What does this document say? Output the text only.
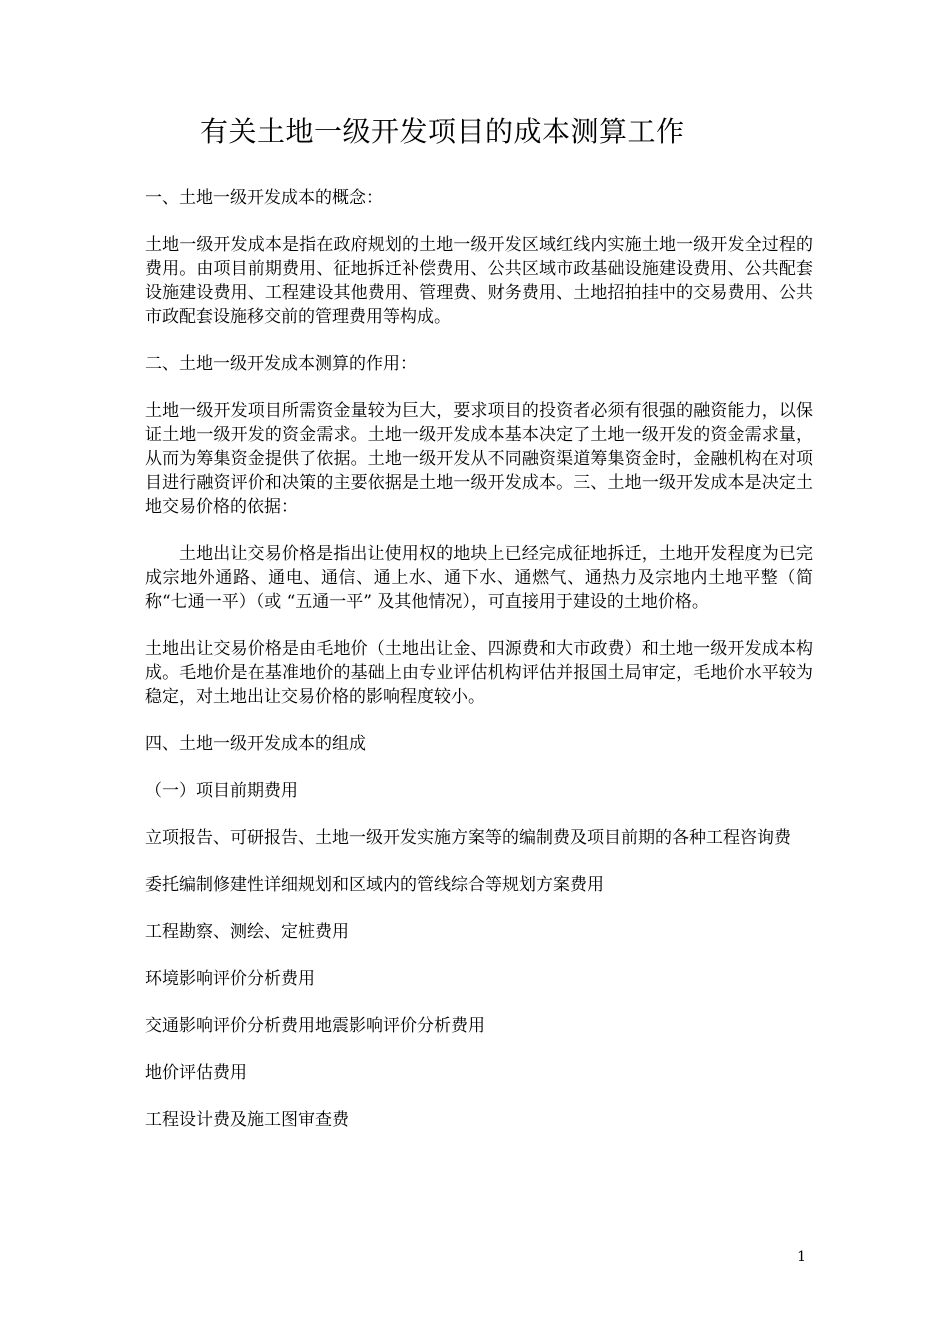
有关土地一级开发项目的成本测算工作

一、土地一级开发成本的概念：

土地一级开发成本是指在政府规划的土地一级开发区域红线内实施土地一级开发全过程的费用。由项目前期费用、征地拆迁补偿费用、公共区域市政基础设施建设费用、公共配套设施建设费用、工程建设其他费用、管理费、财务费用、土地招拍挂中的交易费用、公共市政配套设施移交前的管理费用等构成。

二、土地一级开发成本测算的作用：

土地一级开发项目所需资金量较为巨大，要求项目的投资者必须有很强的融资能力，以保证土地一级开发的资金需求。土地一级开发成本基本决定了土地一级开发的资金需求量，从而为筹集资金提供了依据。土地一级开发从不同融资渠道筹集资金时，金融机构在对项目进行融资评价和决策的主要依据是土地一级开发成本。三、土地一级开发成本是决定土地交易价格的依据：

土地出让交易价格是指出让使用权的地块上已经完成征地拆迁，土地开发程度为已完成宗地外通路、通电、通信、通上水、通下水、通燃气、通热力及宗地内土地平整（简称“七通一平）（或 “五通一平” 及其他情况），可直接用于建设的土地价格。

土地出让交易价格是由毛地价（土地出让金、四源费和大市政费）和土地一级开发成本构成。毛地价是在基准地价的基础上由专业评估机构评估并报国土局审定，毛地价水平较为稳定，对土地出让交易价格的影响程度较小。

四、土地一级开发成本的组成

（一）项目前期费用

立项报告、可研报告、土地一级开发实施方案等的编制费及项目前期的各种工程咨询费

委托编制修建性详细规划和区域内的管线综合等规划方案费用

工程勘察、测绘、定桩费用

环境影响评价分析费用

交通影响评价分析费用地震影响评价分析费用

地价评估费用

工程设计费及施工图审查费

1
